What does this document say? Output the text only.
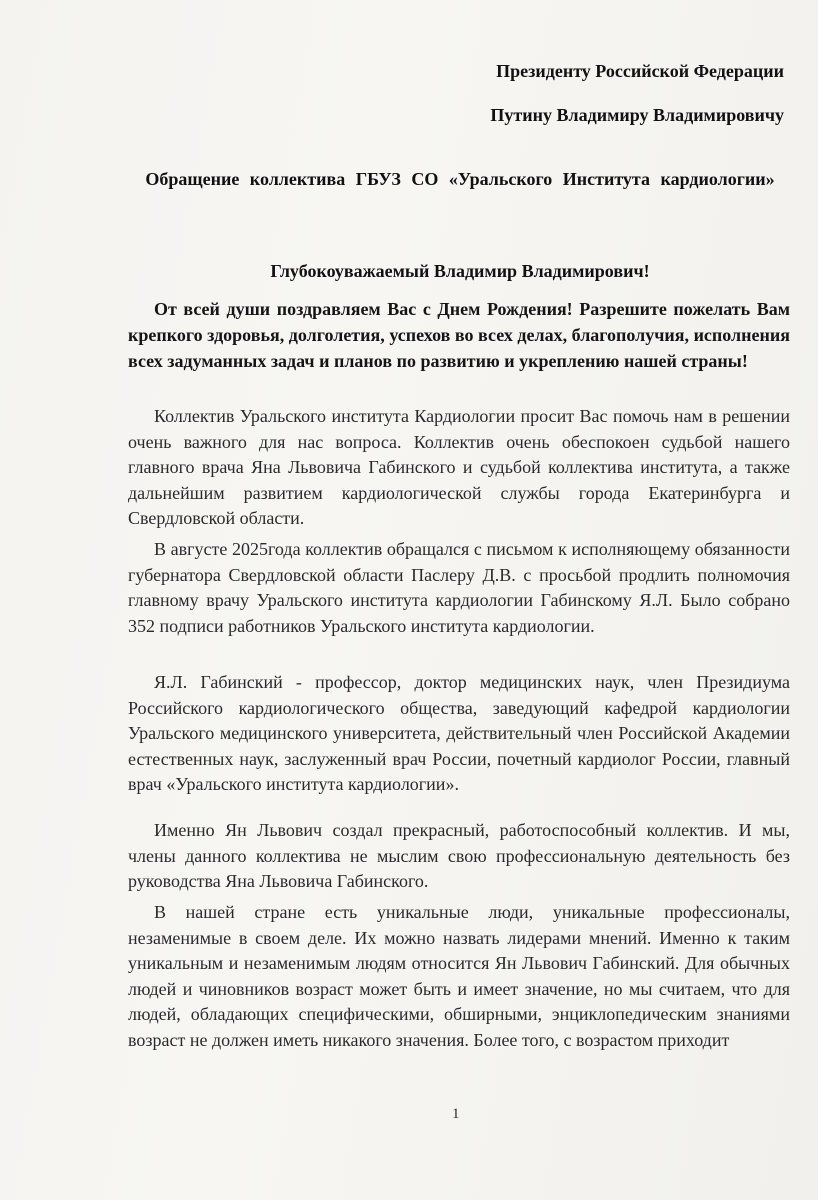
Президенту Российской Федерации
Путину Владимиру Владимировичу
Обращение коллектива ГБУЗ СО «Уральского Института кардиологии»
Глубокоуважаемый Владимир Владимирович!
От всей души поздравляем Вас с Днем Рождения! Разрешите пожелать Вам крепкого здоровья, долголетия, успехов во всех делах, благополучия, исполнения всех задуманных задач и планов по развитию и укреплению нашей страны!
Коллектив Уральского института Кардиологии просит Вас помочь нам в решении очень важного для нас вопроса. Коллектив очень обеспокоен судьбой нашего главного врача Яна Львовича Габинского и судьбой коллектива института, а также дальнейшим развитием кардиологической службы города Екатеринбурга и Свердловской области.
В августе 2025года коллектив обращался с письмом к исполняющему обязанности губернатора Свердловской области Паслеру Д.В. с просьбой продлить полномочия главному врачу Уральского института кардиологии Габинскому Я.Л. Было собрано 352 подписи работников Уральского института кардиологии.
Я.Л. Габинский - профессор, доктор медицинских наук, член Президиума Российского кардиологического общества, заведующий кафедрой кардиологии Уральского медицинского университета, действительный член Российской Академии естественных наук, заслуженный врач России, почетный кардиолог России, главный врач «Уральского института кардиологии».
Именно Ян Львович создал прекрасный, работоспособный коллектив. И мы, члены данного коллектива не мыслим свою профессиональную деятельность без руководства Яна Львовича Габинского.
В нашей стране есть уникальные люди, уникальные профессионалы, незаменимые в своем деле. Их можно назвать лидерами мнений. Именно к таким уникальным и незаменимым людям относится Ян Львович Габинский. Для обычных людей и чиновников возраст может быть и имеет значение, но мы считаем, что для людей, обладающих специфическими, обширными, энциклопедическим знаниями возраст не должен иметь никакого значения. Более того, с возрастом приходит
1
